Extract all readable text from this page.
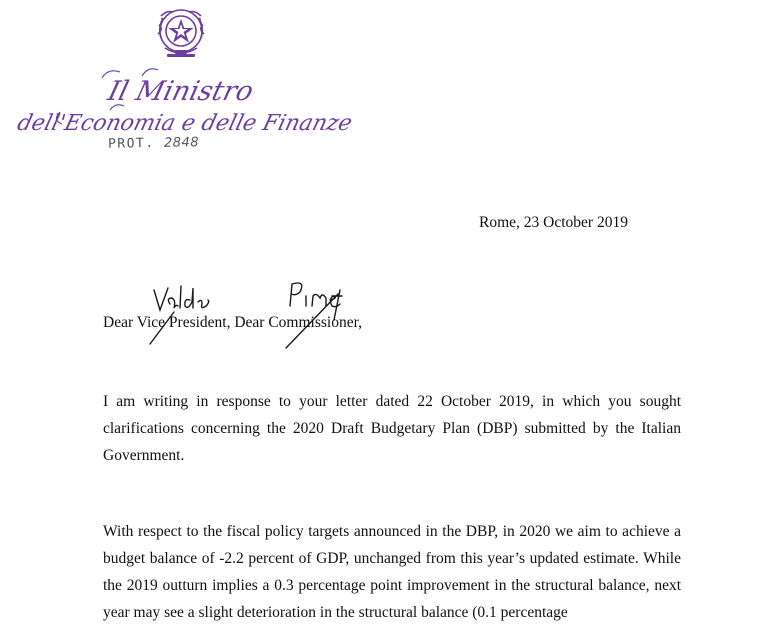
Il Ministro
dell'Economia e delle Finanze
PROT. 2848
Rome, 23 October 2019
Dear Vice President, Dear Commissioner,

I am writing in response to your letter dated 22 October 2019, in which you sought clarifications concerning the 2020 Draft Budgetary Plan (DBP) submitted by the Italian Government.

With respect to the fiscal policy targets announced in the DBP, in 2020 we aim to achieve a budget balance of -2.2 percent of GDP, unchanged from this year’s updated estimate. While the 2019 outturn implies a 0.3 percentage point improvement in the structural balance, next year may see a slight deterioration in the structural balance (0.1 percentage
